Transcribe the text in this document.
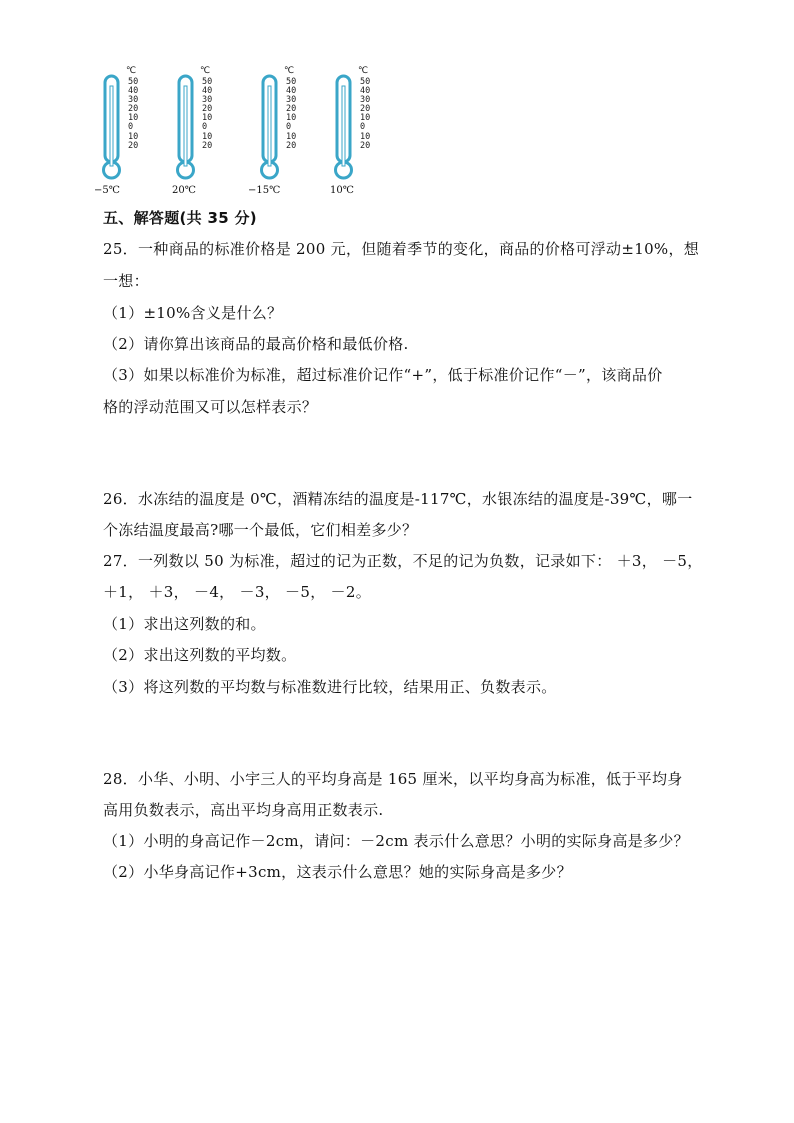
℃
50
40
30
20
10
0
10
20
−5℃
℃
50
40
30
20
10
0
10
20
20℃
℃
50
40
30
20
10
0
10
20
−15℃
℃
50
40
30
20
10
0
10
20
10℃
五、解答题(共 35 分)
25．一种商品的标准价格是 200 元，但随着季节的变化，商品的价格可浮动±10%，想
一想：
（1）±10%含义是什么？
（2）请你算出该商品的最高价格和最低价格.
（3）如果以标准价为标准，超过标准价记作“+”，低于标准价记作“－”，该商品价
格的浮动范围又可以怎样表示？
26．水冻结的温度是 0℃，酒精冻结的温度是-117℃，水银冻结的温度是-39℃，哪一
个冻结温度最高?哪一个最低，它们相差多少？
27．一列数以 50 为标准，超过的记为正数，不足的记为负数，记录如下： ＋3， －5，
＋1， ＋3， －4， －3， －5， －2。
（1）求出这列数的和。
（2）求出这列数的平均数。
（3）将这列数的平均数与标准数进行比较，结果用正、负数表示。
28．小华、小明、小宇三人的平均身高是 165 厘米，以平均身高为标准，低于平均身
高用负数表示，高出平均身高用正数表示.
（1）小明的身高记作－2cm，请问：－2cm 表示什么意思？小明的实际身高是多少？
（2）小华身高记作+3cm，这表示什么意思？她的实际身高是多少？
